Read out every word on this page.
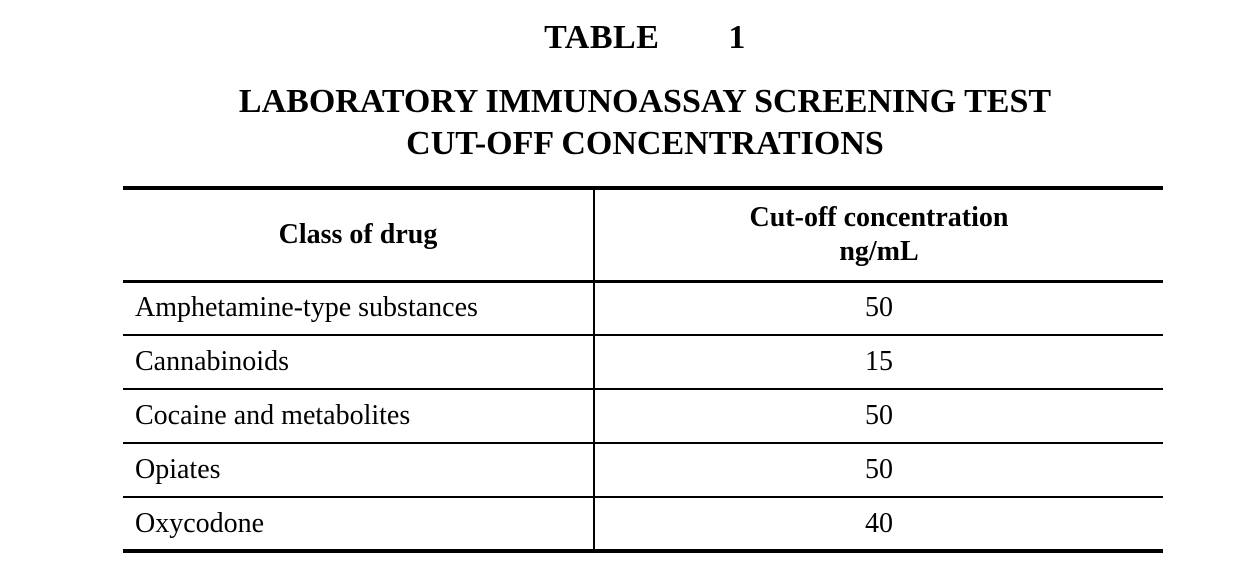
TABLE   1
LABORATORY IMMUNOASSAY SCREENING TEST
CUT-OFF CONCENTRATIONS
Class of drug	Cut-off concentration
ng/mL

Amphetamine-type substances	50
Cannabinoids	15
Cocaine and metabolites	50
Opiates	50
Oxycodone	40
